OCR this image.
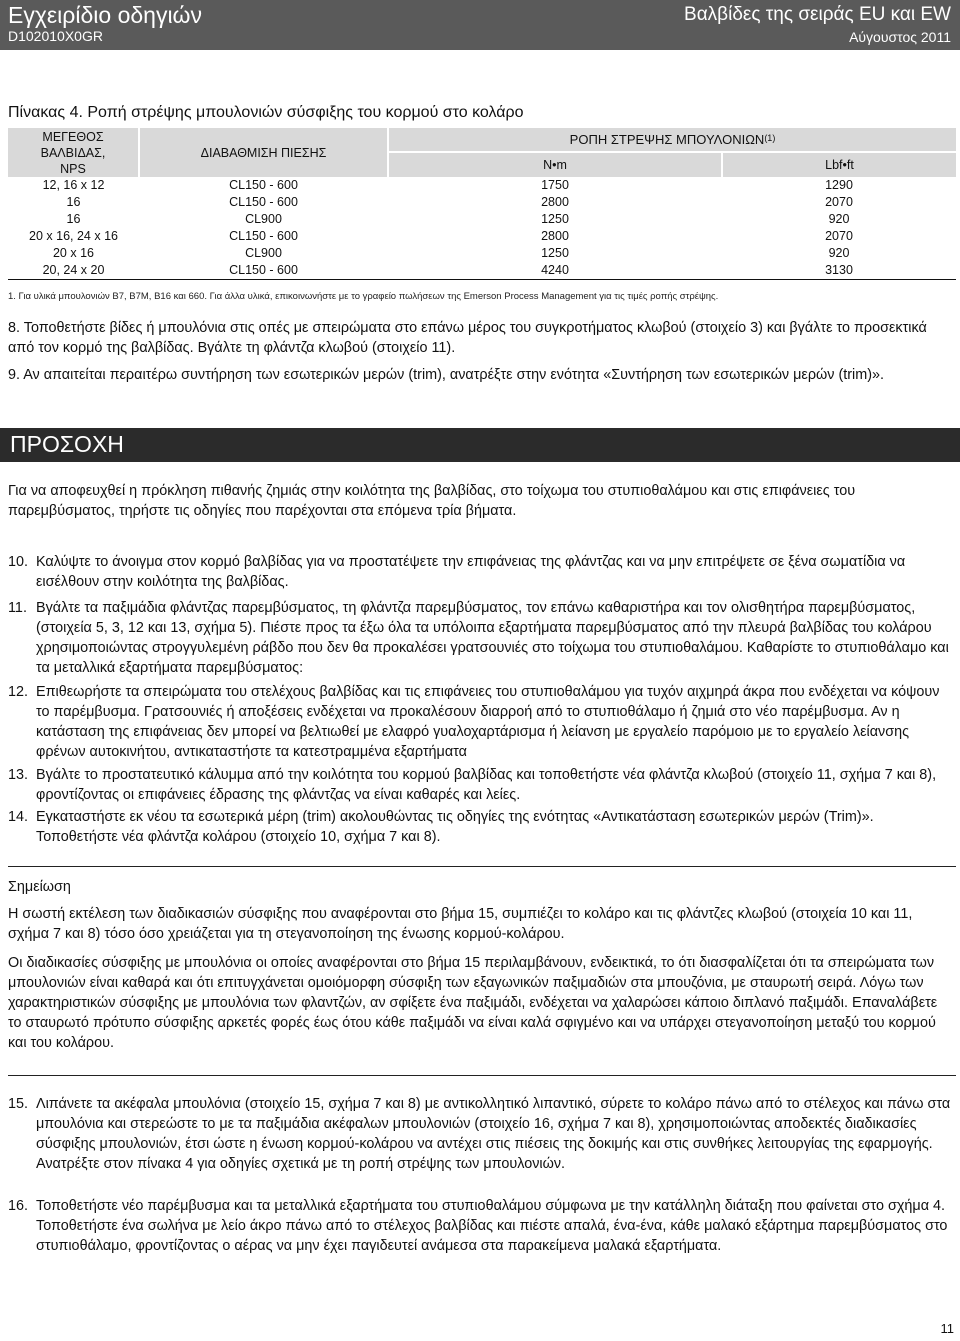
Εγχειρίδιο οδηγιών
D102010X0GR
Βαλβίδες της σειράς EU και EW
Αύγουστος 2011
Πίνακας 4. Ροπή στρέψης μπουλονιών σύσφιξης του κορμού στο κολάρο
ΜΕΓΕΘΟΣ
ΒΑΛΒΙΔΑΣ,
NPS	ΔΙΑΒΑΘΜΙΣΗ ΠΙΕΣΗΣ	ΡΟΠΗ ΣΤΡΕΨΗΣ ΜΠΟΥΛΟΝΙΩΝ$^{(1)}$
		N•m	Lbf•ft
12, 16 x 12	CL150 - 600	1750	1290
16	CL150 - 600	2800	2070
16	CL900	1250	920
20 x 16, 24 x 16	CL150 - 600	2800	2070
20 x 16	CL900	1250	920
20, 24 x 20	CL150 - 600	4240	3130
1. Για υλικά μπουλονιών B7, B7M, B16 και 660. Για άλλα υλικά, επικοινωνήστε με το γραφείο πωλήσεων της Emerson Process Management για τις τιμές ροπής στρέψης.

8. Τοποθετήστε βίδες ή μπουλόνια στις οπές με σπειρώματα στο επάνω μέρος του συγκροτήματος κλωβού (στοιχείο 3) και βγάλτε το προσεκτικά από τον κορμό της βαλβίδας. Βγάλτε τη φλάντζα κλωβού (στοιχείο 11).

9. Αν απαιτείται περαιτέρω συντήρηση των εσωτερικών μερών (trim), ανατρέξτε στην ενότητα «Συντήρηση των εσωτερικών μερών (trim)».

ΠΡΟΣΟΧΗ

Για να αποφευχθεί η πρόκληση πιθανής ζημιάς στην κοιλότητα της βαλβίδας, στο τοίχωμα του στυπιοθαλάμου και στις επιφάνειες του παρεμβύσματος, τηρήστε τις οδηγίες που παρέχονται στα επόμενα τρία βήματα.

10. Καλύψτε το άνοιγμα στον κορμό βαλβίδας για να προστατέψετε την επιφάνειας της φλάντζας και να μην επιτρέψετε σε ξένα σωματίδια να εισέλθουν στην κοιλότητα της βαλβίδας.

11. Βγάλτε τα παξιμάδια φλάντζας παρεμβύσματος, τη φλάντζα παρεμβύσματος, τον επάνω καθαριστήρα και τον ολισθητήρα παρεμβύσματος, (στοιχεία 5, 3, 12 και 13, σχήμα 5). Πιέστε προς τα έξω όλα τα υπόλοιπα εξαρτήματα παρεμβύσματος από την πλευρά βαλβίδας του κολάρου χρησιμοποιώντας στρογγυλεμένη ράβδο που δεν θα προκαλέσει γρατσουνιές στο τοίχωμα του στυπιοθαλάμου. Καθαρίστε το στυπιοθάλαμο και τα μεταλλικά εξαρτήματα παρεμβύσματος:

12. Επιθεωρήστε τα σπειρώματα του στελέχους βαλβίδας και τις επιφάνειες του στυπιοθαλάμου για τυχόν αιχμηρά άκρα που ενδέχεται να κόψουν το παρέμβυσμα. Γρατσουνιές ή αποξέσεις ενδέχεται να προκαλέσουν διαρροή από το στυπιοθάλαμο ή ζημιά στο νέο παρέμβυσμα. Αν η κατάσταση της επιφάνειας δεν μπορεί να βελτιωθεί με ελαφρό γυαλοχαρτάρισμα ή λείανση με εργαλείο παρόμοιο με το εργαλείο λείανσης φρένων αυτοκινήτου, αντικαταστήστε τα κατεστραμμένα εξαρτήματα

13. Βγάλτε το προστατευτικό κάλυμμα από την κοιλότητα του κορμού βαλβίδας και τοποθετήστε νέα φλάντζα κλωβού (στοιχείο 11, σχήμα 7 και 8), φροντίζοντας οι επιφάνειες έδρασης της φλάντζας να είναι καθαρές και λείες.

14. Εγκαταστήστε εκ νέου τα εσωτερικά μέρη (trim) ακολουθώντας τις οδηγίες της ενότητας «Αντικατάσταση εσωτερικών μερών (Trim)». Τοποθετήστε νέα φλάντζα κολάρου (στοιχείο 10, σχήμα 7 και 8).

Σημείωση

Η σωστή εκτέλεση των διαδικασιών σύσφιξης που αναφέρονται στο βήμα 15, συμπιέζει το κολάρο και τις φλάντζες κλωβού (στοιχεία 10 και 11, σχήμα 7 και 8) τόσο όσο χρειάζεται για τη στεγανοποίηση της ένωσης κορμού-κολάρου.

Οι διαδικασίες σύσφιξης με μπουλόνια οι οποίες αναφέρονται στο βήμα 15 περιλαμβάνουν, ενδεικτικά, το ότι διασφαλίζεται ότι τα σπειρώματα των μπουλονιών είναι καθαρά και ότι επιτυγχάνεται ομοιόμορφη σύσφιξη των εξαγωνικών παξιμαδιών στα μπουζόνια, με σταυρωτή σειρά. Λόγω των χαρακτηριστικών σύσφιξης με μπουλόνια των φλαντζών, αν σφίξετε ένα παξιμάδι, ενδέχεται να χαλαρώσει κάποιο διπλανό παξιμάδι. Επαναλάβετε το σταυρωτό πρότυπο σύσφιξης αρκετές φορές έως ότου κάθε παξιμάδι να είναι καλά σφιγμένο και να υπάρχει στεγανοποίηση μεταξύ του κορμού και του κολάρου.

15. Λιπάνετε τα ακέφαλα μπουλόνια (στοιχείο 15, σχήμα 7 και 8) με αντικολλητικό λιπαντικό, σύρετε το κολάρο πάνω από το στέλεχος και πάνω στα μπουλόνια και στερεώστε το με τα παξιμάδια ακέφαλων μπουλονιών (στοιχείο 16, σχήμα 7 και 8), χρησιμοποιώντας αποδεκτές διαδικασίες σύσφιξης μπουλονιών, έτσι ώστε η ένωση κορμού-κολάρου να αντέχει στις πιέσεις της δοκιμής και στις συνθήκες λειτουργίας της εφαρμογής. Ανατρέξτε στον πίνακα 4 για οδηγίες σχετικά με τη ροπή στρέψης των μπουλονιών.

16. Τοποθετήστε νέο παρέμβυσμα και τα μεταλλικά εξαρτήματα του στυπιοθαλάμου σύμφωνα με την κατάλληλη διάταξη που φαίνεται στο σχήμα 4. Τοποθετήστε ένα σωλήνα με λείο άκρο πάνω από το στέλεχος βαλβίδας και πιέστε απαλά, ένα-ένα, κάθε μαλακό εξάρτημα παρεμβύσματος στο στυπιοθάλαμο, φροντίζοντας ο αέρας να μην έχει παγιδευτεί ανάμεσα στα παρακείμενα μαλακά εξαρτήματα.

11
